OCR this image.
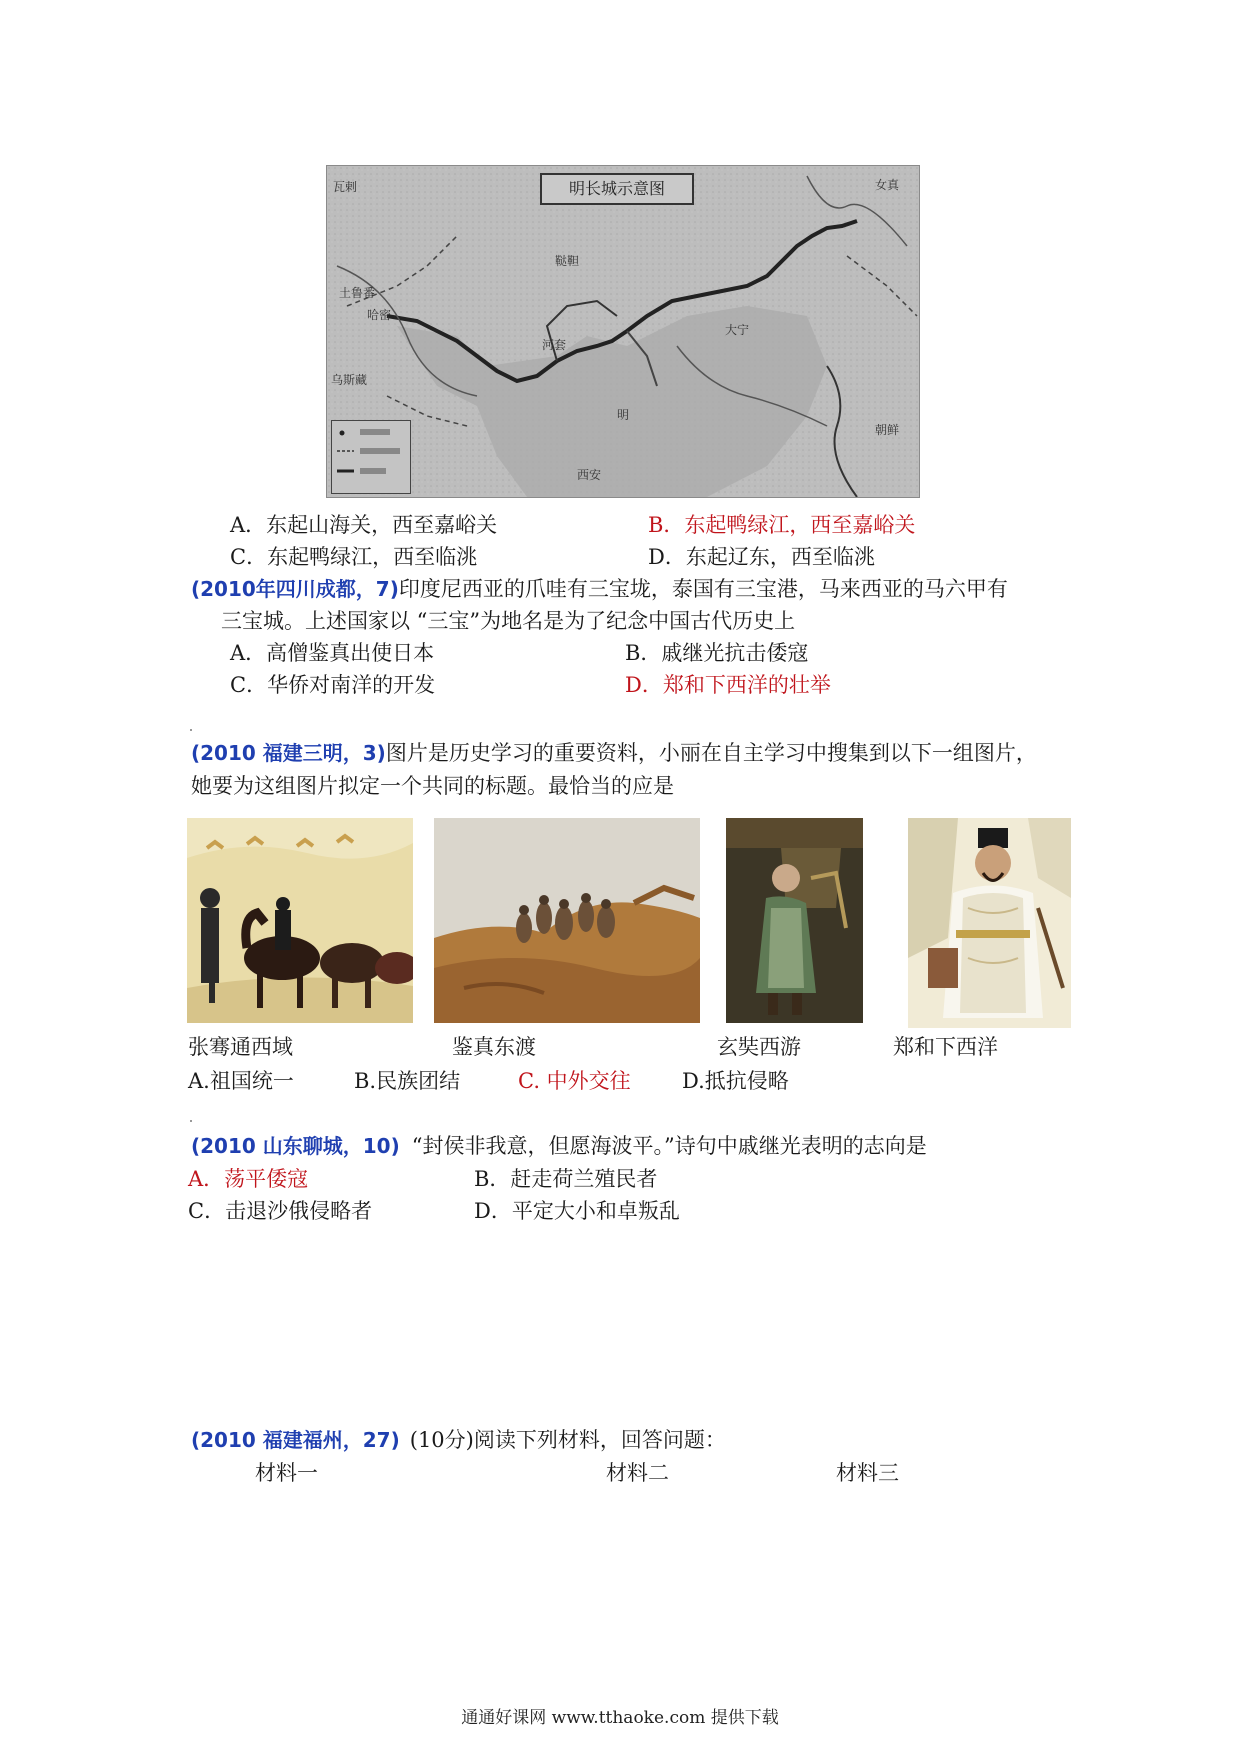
明长城示意图
瓦剌
鞑靼
河套
明
西安
女真
土鲁番
朝鲜
哈密
乌斯藏
大宁
A．东起山海关，西至嘉峪关	B．东起鸭绿江，西至嘉峪关
C．东起鸭绿江，西至临洮	D．东起辽东，西至临洮
(2010年四川成都，7)印度尼西亚的爪哇有三宝垅，泰国有三宝港，马来西亚的马六甲有
三宝城。上述国家以 “三宝”为地名是为了纪念中国古代历史上
A．高僧鉴真出使日本	B．戚继光抗击倭寇
C．华侨对南洋的开发	D．郑和下西洋的壮举
(2010 福建三明，3)图片是历史学习的重要资料，小丽在自主学习中搜集到以下一组图片，
她要为这组图片拟定一个共同的标题。最恰当的应是
张骞通西域	鉴真东渡	玄奘西游	郑和下西洋
A.祖国统一	B.民族团结	C. 中外交往 D.抵抗侵略
(2010 山东聊城，10) “封侯非我意，但愿海波平。”诗句中戚继光表明的志向是
A．荡平倭寇	B．赶走荷兰殖民者
C．击退沙俄侵略者	D．平定大小和卓叛乱
(2010 福建福州，27) (10分)阅读下列材料，回答问题：
材料一	材料二	材料三
通通好课网 www.tthaoke.com 提供下载
